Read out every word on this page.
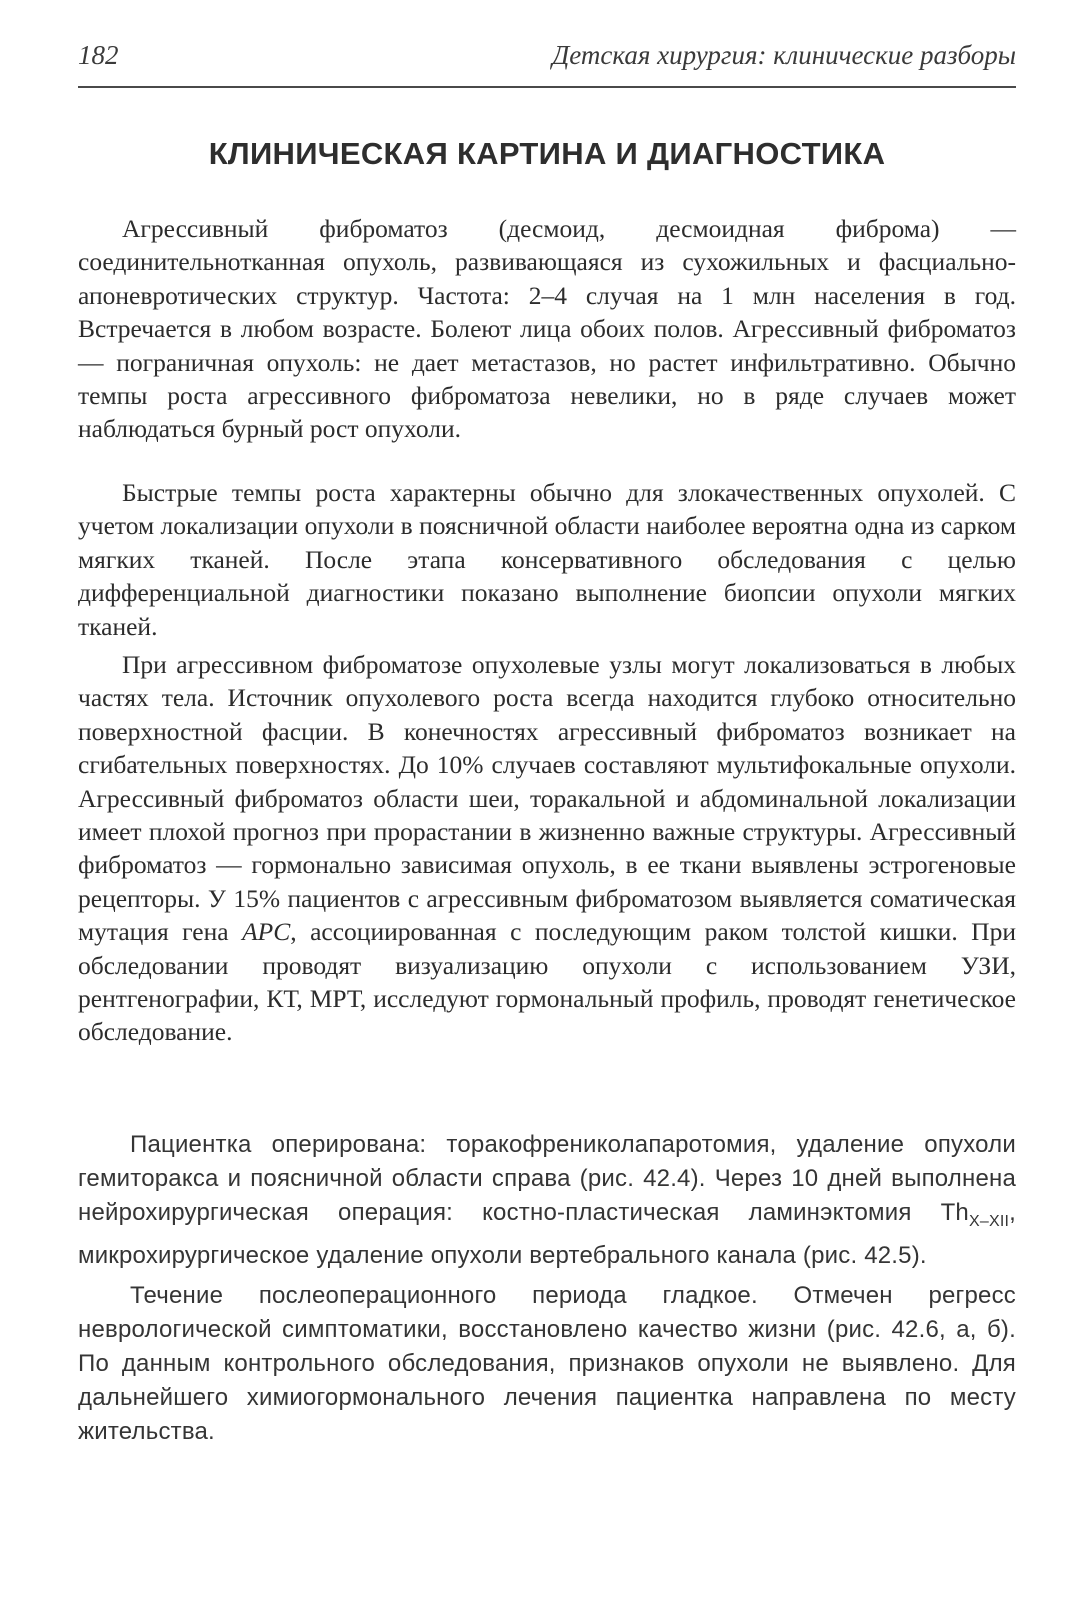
182	Детская хирургия: клинические разборы
КЛИНИЧЕСКАЯ КАРТИНА И ДИАГНОСТИКА

Агрессивный фиброматоз (десмоид, десмоидная фиброма) — соединительнотканная опухоль, развивающаяся из сухожильных и фасциально-апоневротических структур. Частота: 2–4 случая на 1 млн населения в год. Встречается в любом возрасте. Болеют лица обоих полов. Агрессивный фиброматоз — пограничная опухоль: не дает метастазов, но растет инфильтративно. Обычно темпы роста агрессивного фиброматоза невелики, но в ряде случаев может наблюдаться бурный рост опухоли.

Быстрые темпы роста характерны обычно для злокачественных опухолей. С учетом локализации опухоли в поясничной области наиболее вероятна одна из сарком мягких тканей. После этапа консервативного обследования с целью дифференциальной диагностики показано выполнение биопсии опухоли мягких тканей.

При агрессивном фиброматозе опухолевые узлы могут локализоваться в любых частях тела. Источник опухолевого роста всегда находится глубоко относительно поверхностной фасции. В конечностях агрессивный фиброматоз возникает на сгибательных поверхностях. До 10% случаев составляют мультифокальные опухоли. Агрессивный фиброматоз области шеи, торакальной и абдоминальной локализации имеет плохой прогноз при прорастании в жизненно важные структуры. Агрессивный фиброматоз — гормонально зависимая опухоль, в ее ткани выявлены эстрогеновые рецепторы. У 15% пациентов с агрессивным фиброматозом выявляется соматическая мутация гена APC, ассоциированная с последующим раком толстой кишки. При обследовании проводят визуализацию опухоли с использованием УЗИ, рентгенографии, КТ, МРТ, исследуют гормональный профиль, проводят генетическое обследование.

Пациентка оперирована: торакофрениколапаротомия, удаление опухоли гемиторакса и поясничной области справа (рис. 42.4). Через 10 дней выполнена нейрохирургическая операция: костно-пластическая ламинэктомия $Th_{X-XII}$, микрохирургическое удаление опухоли вертебрального канала (рис. 42.5).

Течение послеоперационного периода гладкое. Отмечен регресс неврологической симптоматики, восстановлено качество жизни (рис. 42.6, а, б). По данным контрольного обследования, признаков опухоли не выявлено. Для дальнейшего химиогормонального лечения пациентка направлена по месту жительства.
